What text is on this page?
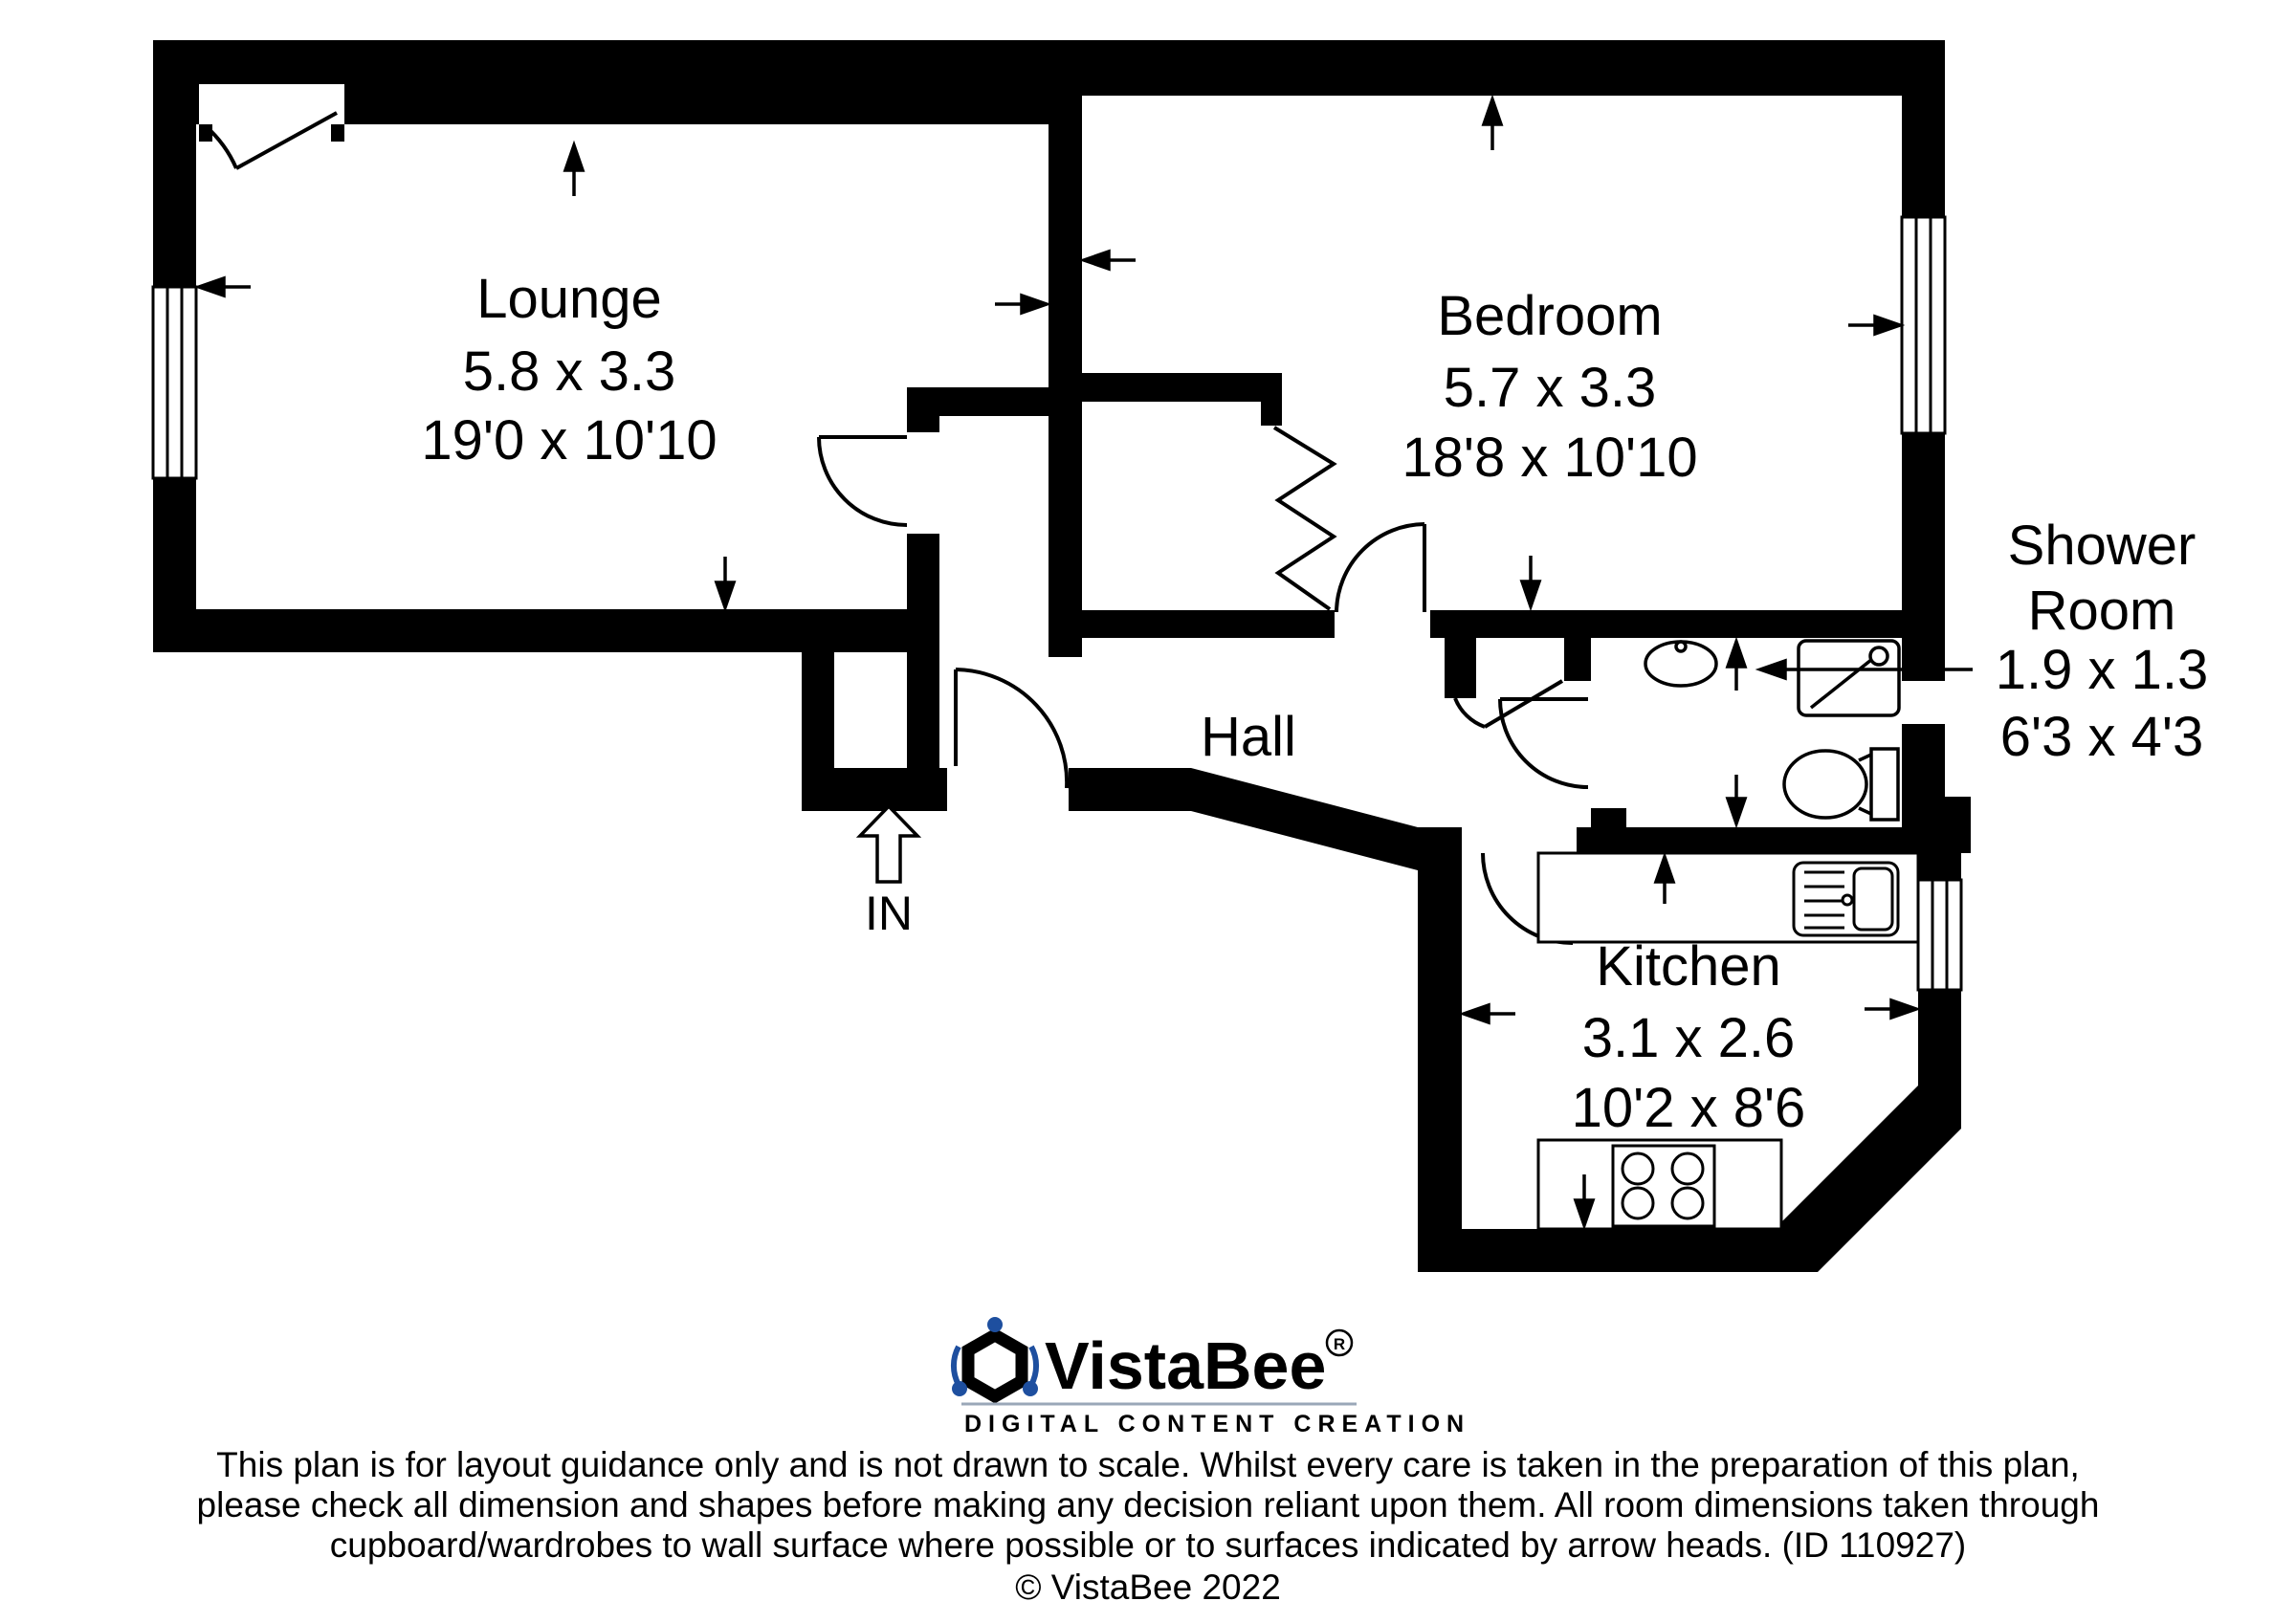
Lounge
5.8 x 3.3
19'0 x 10'10
Bedroom
5.7 x 3.3
18'8 x 10'10
Hall
Shower
Room
1.9 x 1.3
6'3 x 4'3
Kitchen
3.1 x 2.6
10'2 x 8'6
IN
Vista Bee R
DIGITAL CONTENT CREATION
This plan is for layout guidance only and is not drawn to scale. Whilst every care is taken in the preparation of this plan,
please check all dimension and shapes before making any decision reliant upon them. All room dimensions taken through
cupboard/wardrobes to wall surface where possible or to surfaces indicated by arrow heads. (ID 110927)
© VistaBee 2022
